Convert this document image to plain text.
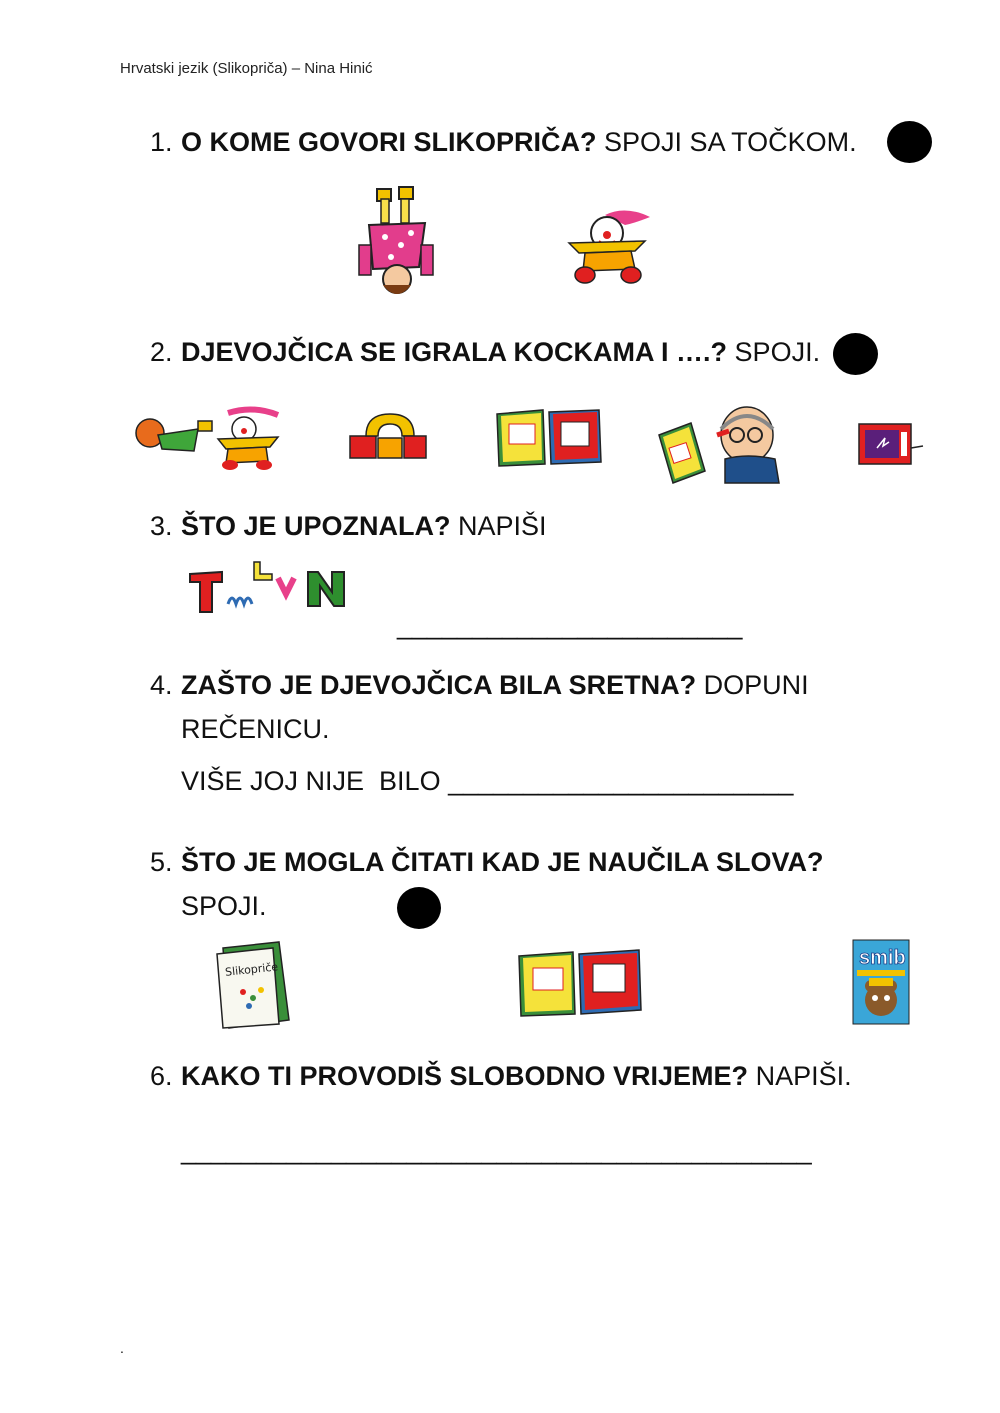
Hrvatski jezik (Slikopriča) – Nina Hinić
1. O KOME GOVORI SLIKOPRIČA? SPOJI SA TOČKOM.
2. DJEVOJČICA SE IGRALA KOCKAMA I ….? SPOJI.
3. ŠTO JE UPOZNALA? NAPIŠI
_______________________
4. ZAŠTO JE DJEVOJČICA BILA SRETNA? DOPUNI
REČENICU.
VIŠE JOJ NIJE  BILO _______________________
5. ŠTO JE MOGLA ČITATI KAD JE NAUČILA SLOVA?
SPOJI.
Slikopriče
smib
6. KAKO TI PROVODIŠ SLOBODNO VRIJEME? NAPIŠI.
__________________________________________
.
